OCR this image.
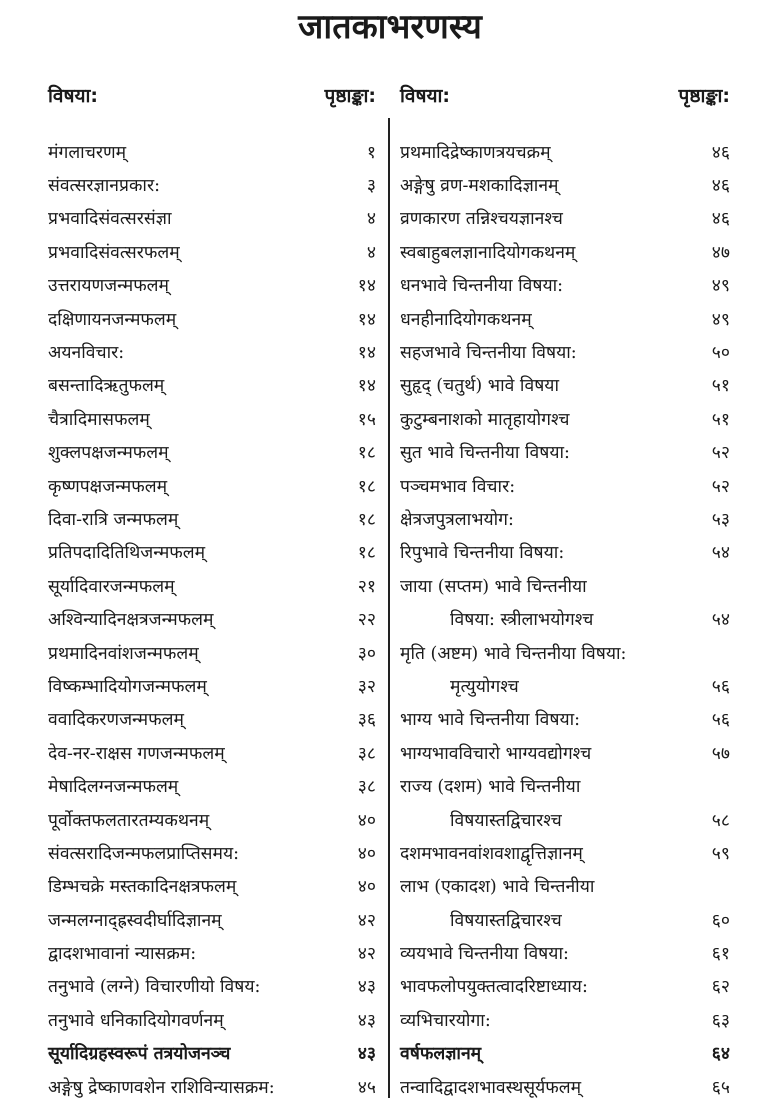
जातकाभरणस्य
विषया:	पृष्ठाङ्का:
मंगलाचरणम्	१
संवत्सरज्ञानप्रकार:	३
प्रभवादिसंवत्सरसंज्ञा	४
प्रभवादिसंवत्सरफलम्	४
उत्तरायणजन्मफलम्	१४
दक्षिणायनजन्मफलम्	१४
अयनविचार:	१४
बसन्तादिऋतुफलम्	१४
चैत्रादिमासफलम्	१५
शुक्लपक्षजन्मफलम्	१८
कृष्णपक्षजन्मफलम्	१८
दिवा-रात्रि जन्मफलम्	१८
प्रतिपदादितिथिजन्मफलम्	१८
सूर्यादिवारजन्मफलम्	२१
अश्विन्यादिनक्षत्रजन्मफलम्	२२
प्रथमादिनवांशजन्मफलम्	३०
विष्कम्भादियोगजन्मफलम्	३२
ववादिकरणजन्मफलम्	३६
देव-नर-राक्षस गणजन्मफलम्	३८
मेषादिलग्नजन्मफलम्	३८
पूर्वोक्तफलतारतम्यकथनम्	४०
संवत्सरादिजन्मफलप्राप्तिसमय:	४०
डिम्भचक्रे मस्तकादिनक्षत्रफलम्	४०
जन्मलग्नाद्ह्रस्वदीर्घादिज्ञानम्	४२
द्वादशभावानां न्यासक्रम:	४२
तनुभावे (लग्ने) विचारणीयो विषय:	४३
तनुभावे धनिकादियोगवर्णनम्	४३
सूर्यादिग्रहस्वरूपं तत्रयोजनञ्च	४३
अङ्गेषु द्रेष्काणवशेन राशिविन्यासक्रम:	४५
विषया:	पृष्ठाङ्का:
प्रथमादिद्रेष्काणत्रयचक्रम्	४६
अङ्गेषु व्रण-मशकादिज्ञानम्	४६
व्रणकारण तन्निश्चयज्ञानश्च	४६
स्वबाहुबलज्ञानादियोगकथनम्	४७
धनभावे चिन्तनीया विषया:	४९
धनहीनादियोगकथनम्	४९
सहजभावे चिन्तनीया विषया:	५०
सुहृद् (चतुर्थ) भावे विषया	५१
कुटुम्बनाशको मातृहायोगश्च	५१
सुत भावे चिन्तनीया विषया:	५२
पञ्चमभाव विचार:	५२
क्षेत्रजपुत्रलाभयोग:	५३
रिपुभावे चिन्तनीया विषया:	५४
जाया (सप्तम) भावे चिन्तनीया
विषया: स्त्रीलाभयोगश्च	५४
मृति (अष्टम) भावे चिन्तनीया विषया:
मृत्युयोगश्च	५६
भाग्य भावे चिन्तनीया विषया:	५६
भाग्यभावविचारो भाग्यवद्योगश्च	५७
राज्य (दशम) भावे चिन्तनीया
विषयास्तद्विचारश्च	५८
दशमभावनवांशवशाद्वृत्तिज्ञानम्	५९
लाभ (एकादश) भावे चिन्तनीया
विषयास्तद्विचारश्च	६०
व्ययभावे चिन्तनीया विषया:	६१
भावफलोपयुक्तत्वादरिष्टाध्याय:	६२
व्यभिचारयोगा:	६३
वर्षफलज्ञानम्	६४
तन्वादिद्वादशभावस्थसूर्यफलम्	६५
